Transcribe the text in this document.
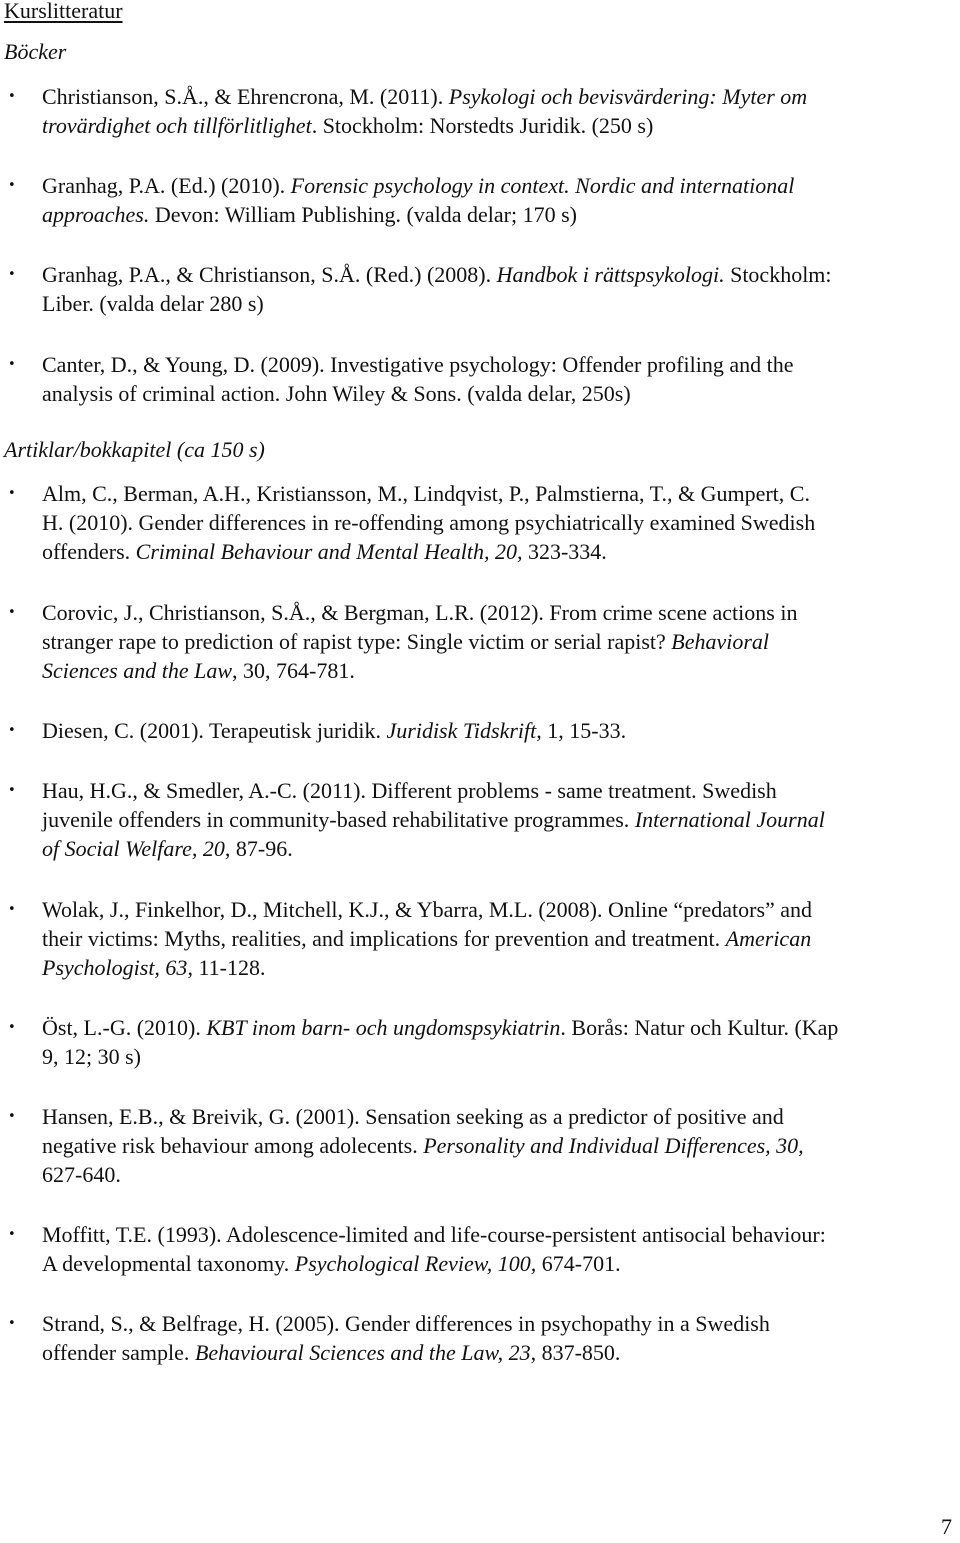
Kurslitteratur
Böcker
•	Christianson, S.Å., & Ehrencrona, M. (2011). Psykologi och bevisvärdering: Myter om
trovärdighet och tillförlitlighet. Stockholm: Norstedts Juridik. (250 s)
•	Granhag, P.A. (Ed.) (2010). Forensic psychology in context. Nordic and international
approaches. Devon: William Publishing. (valda delar; 170 s)
•	Granhag, P.A., & Christianson, S.Å. (Red.) (2008). Handbok i rättspsykologi. Stockholm:
Liber. (valda delar 280 s)
•	Canter, D., & Young, D. (2009). Investigative psychology: Offender profiling and the
analysis of criminal action. John Wiley & Sons. (valda delar, 250s)
Artiklar/bokkapitel (ca 150 s)
•	Alm, C., Berman, A.H., Kristiansson, M., Lindqvist, P., Palmstierna, T., & Gumpert, C.
H. (2010). Gender differences in re-offending among psychiatrically examined Swedish
offenders. Criminal Behaviour and Mental Health, 20, 323-334.
•	Corovic, J., Christianson, S.Å., & Bergman, L.R. (2012). From crime scene actions in
stranger rape to prediction of rapist type: Single victim or serial rapist? Behavioral
Sciences and the Law, 30, 764-781.
•	Diesen, C. (2001). Terapeutisk juridik. Juridisk Tidskrift, 1, 15-33.
•	Hau, H.G., & Smedler, A.-C. (2011). Different problems - same treatment. Swedish
juvenile offenders in community-based rehabilitative programmes. International Journal
of Social Welfare, 20, 87-96.
•	Wolak, J., Finkelhor, D., Mitchell, K.J., & Ybarra, M.L. (2008). Online “predators” and
their victims: Myths, realities, and implications for prevention and treatment. American
Psychologist, 63, 11-128.
•	Öst, L.-G. (2010). KBT inom barn- och ungdomspsykiatrin. Borås: Natur och Kultur. (Kap
9, 12; 30 s)
•	Hansen, E.B., & Breivik, G. (2001). Sensation seeking as a predictor of positive and
negative risk behaviour among adolecents. Personality and Individual Differences, 30,
627-640.
•	Moffitt, T.E. (1993). Adolescence-limited and life-course-persistent antisocial behaviour:
A developmental taxonomy. Psychological Review, 100, 674-701.
•	Strand, S., & Belfrage, H. (2005). Gender differences in psychopathy in a Swedish
offender sample. Behavioural Sciences and the Law, 23, 837-850.
7
